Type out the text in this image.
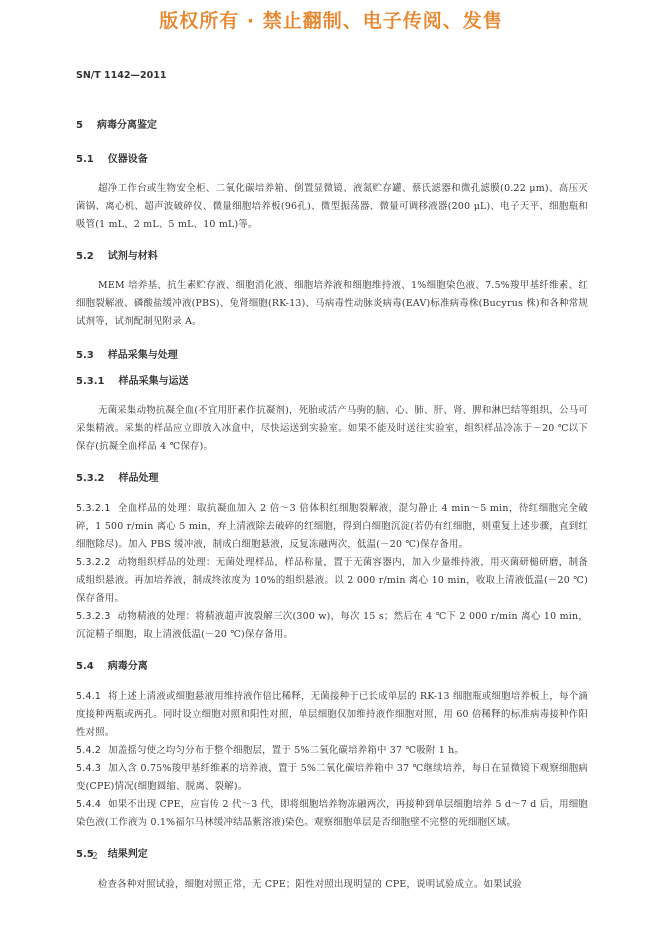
版权所有 · 禁止翻制、电子传阅、发售
SN/T 1142—2011
5 病毒分离鉴定
5.1 仪器设备
超净工作台或生物安全柜、二氧化碳培养箱、倒置显微镜、液氮贮存罐、蔡氏滤器和微孔滤膜(0.22 μm)、高压灭菌锅、离心机、超声波破碎仪、微量细胞培养板(96孔)、微型振荡器、微量可调移液器(200 μL)、电子天平、细胞瓶和吸管(1 mL、2 mL、5 mL、10 mL)等。
5.2 试剂与材料
MEM 培养基、抗生素贮存液、细胞消化液、细胞培养液和细胞维持液、1%细胞染色液、7.5%羧甲基纤维素、红细胞裂解液、磷酸盐缓冲液(PBS)、兔肾细胞(RK-13)、马病毒性动脉炎病毒(EAV)标准病毒株(Bucyrus 株)和各种常规试剂等，试剂配制见附录 A。
5.3 样品采集与处理
5.3.1 样品采集与运送
无菌采集动物抗凝全血(不宜用肝素作抗凝剂)，死胎或活产马驹的脑、心、肺、肝、肾、脾和淋巴结等组织，公马可采集精液。采集的样品应立即放入冰盒中，尽快运送到实验室。如果不能及时送往实验室，组织样品冷冻于－20 ℃以下保存(抗凝全血样品 4 ℃保存)。
5.3.2 样品处理
5.3.2.1 全血样品的处理：取抗凝血加入 2 倍～3 倍体积红细胞裂解液，混匀静止 4 min～5 min，待红细胞完全破碎，1 500 r/min 离心 5 min，弃上清液除去破碎的红细胞，得到白细胞沉淀(若仍有红细胞，则重复上述步骤，直到红细胞除尽)。加入 PBS 缓冲液，制成白细胞悬液，反复冻融两次，低温(－20 ℃)保存备用。
5.3.2.2 动物组织样品的处理：无菌处理样品，样品称量，置于无菌容器内，加入少量维持液，用灭菌研槌研磨，制备成组织悬液。再加培养液，制成终浓度为 10%的组织悬液。以 2 000 r/min 离心 10 min，收取上清液低温(－20 ℃)保存备用。
5.3.2.3 动物精液的处理：将精液超声波裂解三次(300 w)，每次 15 s；然后在 4 ℃下 2 000 r/min 离心 10 min，沉淀精子细胞，取上清液低温(－20 ℃)保存备用。
5.4 病毒分离
5.4.1 将上述上清液或细胞悬液用维持液作倍比稀释，无菌接种于已长成单层的 RK-13 细胞瓶或细胞培养板上，每个滴度接种两瓶或两孔。同时设立细胞对照和阳性对照，单层细胞仅加维持液作细胞对照，用 60 倍稀释的标准病毒接种作阳性对照。
5.4.2 加盖摇匀使之均匀分布于整个细胞层，置于 5%二氧化碳培养箱中 37 ℃吸附 1 h。
5.4.3 加入含 0.75%羧甲基纤维素的培养液，置于 5%二氧化碳培养箱中 37 ℃继续培养，每日在显微镜下观察细胞病变(CPE)情况(细胞圆缩、脱离、裂解)。
5.4.4 如果不出现 CPE，应盲传 2 代～3 代，即将细胞培养物冻融两次，再接种到单层细胞培养 5 d～7 d 后，用细胞染色液(工作液为 0.1%福尔马林缓冲结晶紫溶液)染色。观察细胞单层是否细胞壁不完整的死细胞区域。
5.5 结果判定
检查各种对照试验，细胞对照正常，无 CPE；阳性对照出现明显的 CPE，说明试验成立。如果试验
2
